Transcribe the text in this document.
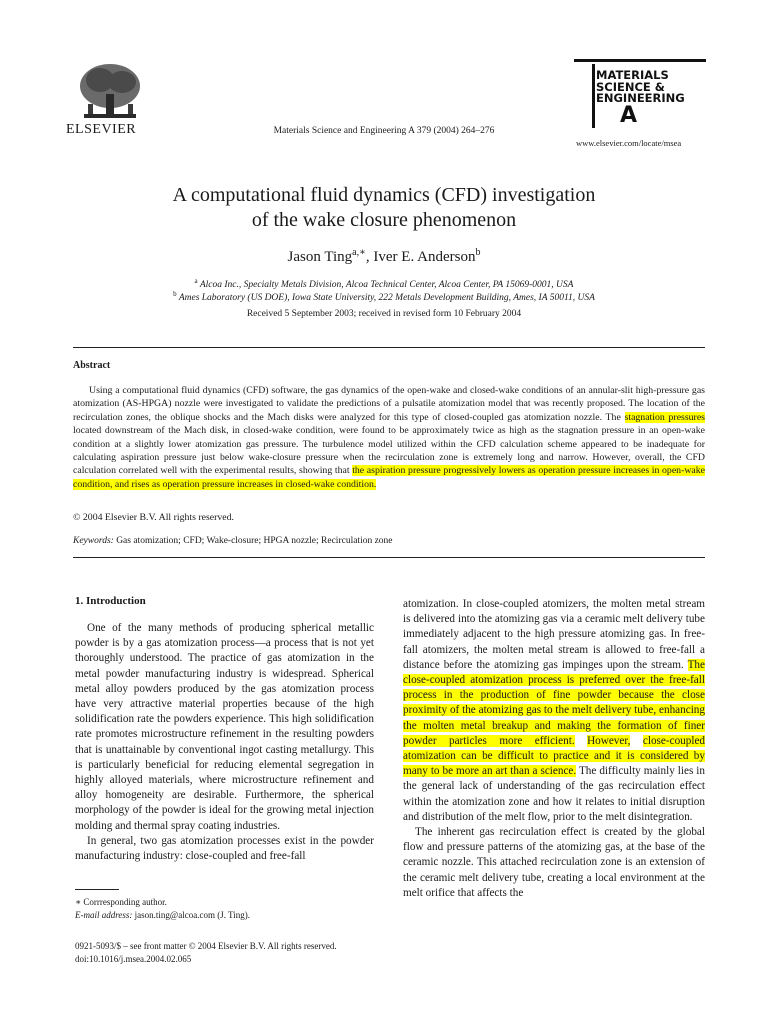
ELSEVIER	Materials Science and Engineering A 379 (2004) 264–276
MATERIALS
SCIENCE &
ENGINEERING
A
www.elsevier.com/locate/msea
A computational fluid dynamics (CFD) investigation
of the wake closure phenomenon
Jason Ting$^{a,∗}$, Iver E. Anderson$^b$
$^a$ Alcoa Inc., Specialty Metals Division, Alcoa Technical Center, Alcoa Center, PA 15069-0001, USA
$^b$ Ames Laboratory (US DOE), Iowa State University, 222 Metals Development Building, Ames, IA 50011, USA
Received 5 September 2003; received in revised form 10 February 2004
Abstract

Using a computational fluid dynamics (CFD) software, the gas dynamics of the open-wake and closed-wake conditions of an annular-slit high-pressure gas atomization (AS-HPGA) nozzle were investigated to validate the predictions of a pulsatile atomization model that was recently proposed. The location of the recirculation zones, the oblique shocks and the Mach disks were analyzed for this type of closed-coupled gas atomization nozzle. The stagnation pressures located downstream of the Mach disk, in closed-wake condition, were found to be approximately twice as high as the stagnation pressure in an open-wake condition at a slightly lower atomization gas pressure. The turbulence model utilized within the CFD calculation scheme appeared to be inadequate for calculating aspiration pressure just below wake-closure pressure when the recirculation zone is extremely long and narrow. However, overall, the CFD calculation correlated well with the experimental results, showing that the aspiration pressure progressively lowers as operation pressure increases in open-wake condition, and rises as operation pressure increases in closed-wake condition.

© 2004 Elsevier B.V. All rights reserved.
Keywords: Gas atomization; CFD; Wake-closure; HPGA nozzle; Recirculation zone
1. Introduction

One of the many methods of producing spherical metallic powder is by a gas atomization process—a process that is not yet thoroughly understood. The practice of gas atomization in the metal powder manufacturing industry is widespread. Spherical metal alloy powders produced by the gas atomization process have very attractive material properties because of the high solidification rate the powders experience. This high solidification rate promotes microstructure refinement in the resulting powders that is unattainable by conventional ingot casting metallurgy. This is particularly beneficial for reducing elemental segregation in highly alloyed materials, where microstructure refinement and alloy homogeneity are desirable. Furthermore, the spherical morphology of the powder is ideal for the growing metal injection molding and thermal spray coating industries.

In general, two gas atomization processes exist in the powder manufacturing industry: close-coupled and free-fall

atomization. In close-coupled atomizers, the molten metal stream is delivered into the atomizing gas via a ceramic melt delivery tube immediately adjacent to the high pressure atomizing gas. In free-fall atomizers, the molten metal stream is allowed to free-fall a distance before the atomizing gas impinges upon the stream. The close-coupled atomization process is preferred over the free-fall process in the production of fine powder because the close proximity of the atomizing gas to the melt delivery tube, enhancing the molten metal breakup and making the formation of finer powder particles more efficient. However, close-coupled atomization can be difficult to practice and it is considered by many to be more an art than a science. The difficulty mainly lies in the general lack of understanding of the gas recirculation effect within the atomization zone and how it relates to initial disruption and distribution of the melt flow, prior to the melt disintegration.

The inherent gas recirculation effect is created by the global flow and pressure patterns of the atomizing gas, at the base of the ceramic nozzle. This attached recirculation zone is an extension of the ceramic melt delivery tube, creating a local environment at the melt orifice that affects the

∗ Corrresponding author.
E-mail address: jason.ting@alcoa.com (J. Ting).
0921-5093/$ – see front matter © 2004 Elsevier B.V. All rights reserved.
doi:10.1016/j.msea.2004.02.065
